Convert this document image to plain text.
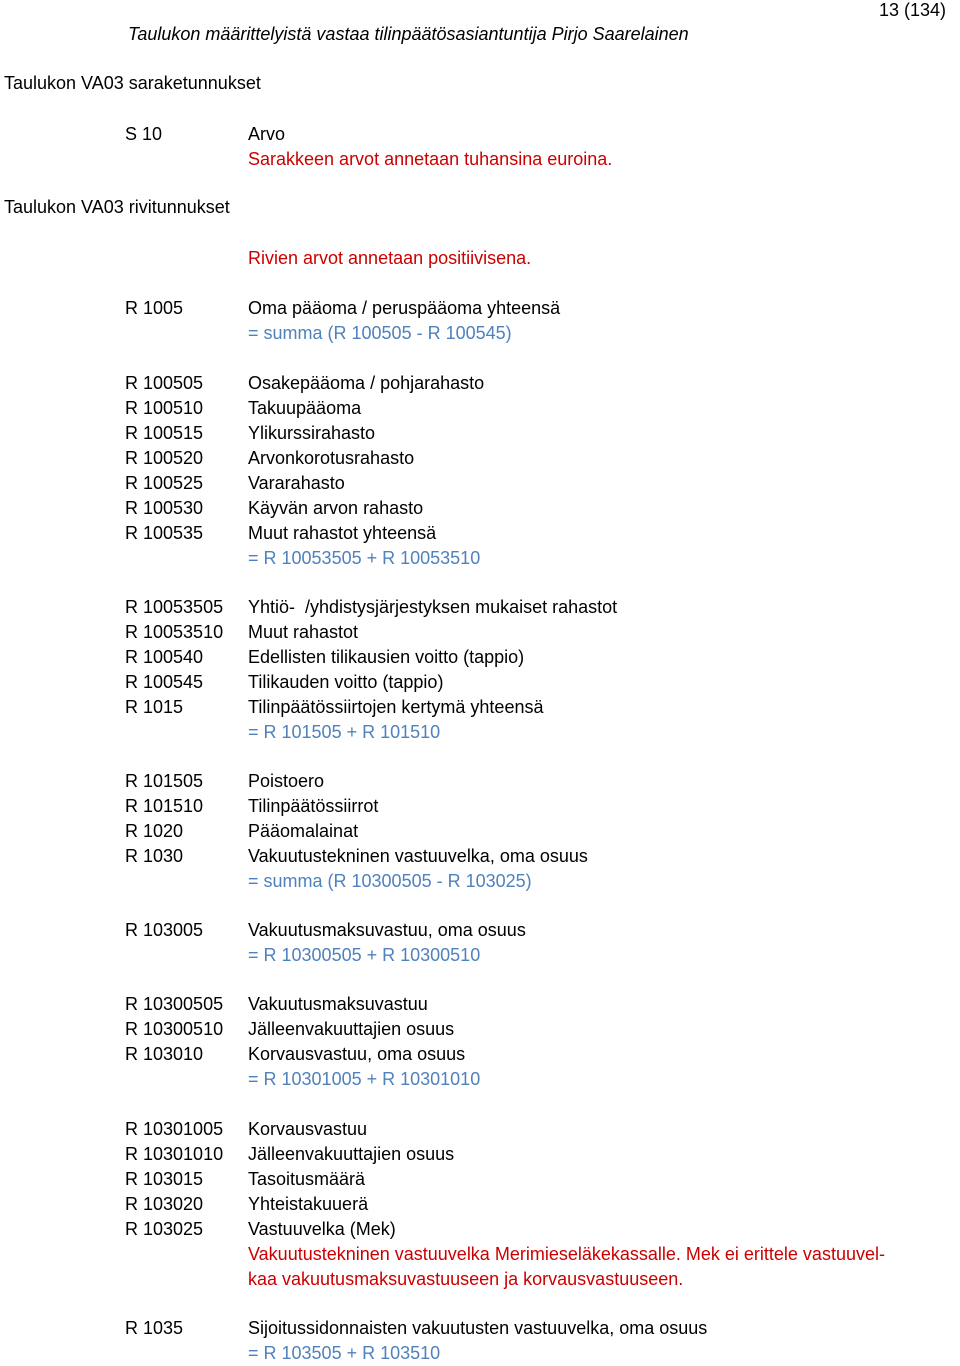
13 (134)
Taulukon määrittelyistä vastaa tilinpäätösasiantuntija Pirjo Saarelainen
Taulukon VA03 saraketunnukset
S 10	Arvo
Sarakkeen arvot annetaan tuhansina euroina.
Taulukon VA03 rivitunnukset
Rivien arvot annetaan positiivisena.
R 1005	Oma pääoma / peruspääoma yhteensä
= summa (R 100505 - R 100545)
R 100505 Osakepääoma / pohjarahasto
R 100510 Takuupääoma
R 100515 Ylikurssirahasto
R 100520 Arvonkorotusrahasto
R 100525 Vararahasto
R 100530 Käyvän arvon rahasto
R 100535 Muut rahastot yhteensä
= R 10053505 + R 10053510
R 10053505 Yhtiö-  /yhdistysjärjestyksen mukaiset rahastot
R 10053510 Muut rahastot
R 100540 Edellisten tilikausien voitto (tappio)
R 100545 Tilikauden voitto (tappio)
R 1015	Tilinpäätössiirtojen kertymä yhteensä
= R 101505 + R 101510
R 101505 Poistoero
R 101510 Tilinpäätössiirrot
R 1020	Pääomalainat
R 1030	Vakuutustekninen vastuuvelka, oma osuus
= summa (R 10300505 - R 103025)
R 103005 Vakuutusmaksuvastuu, oma osuus
= R 10300505 + R 10300510
R 10300505 Vakuutusmaksuvastuu
R 10300510 Jälleenvakuuttajien osuus
R 103010 Korvausvastuu, oma osuus
= R 10301005 + R 10301010
R 10301005 Korvausvastuu
R 10301010 Jälleenvakuuttajien osuus
R 103015 Tasoitusmäärä
R 103020 Yhteistakuuerä
R 103025 Vastuuvelka (Mek)
Vakuutustekninen vastuuvelka Merimieseläkekassalle. Mek ei erittele vastuuvel-
kaa vakuutusmaksuvastuuseen ja korvausvastuuseen.
R 1035	Sijoitussidonnaisten vakuutusten vastuuvelka, oma osuus
= R 103505 + R 103510
